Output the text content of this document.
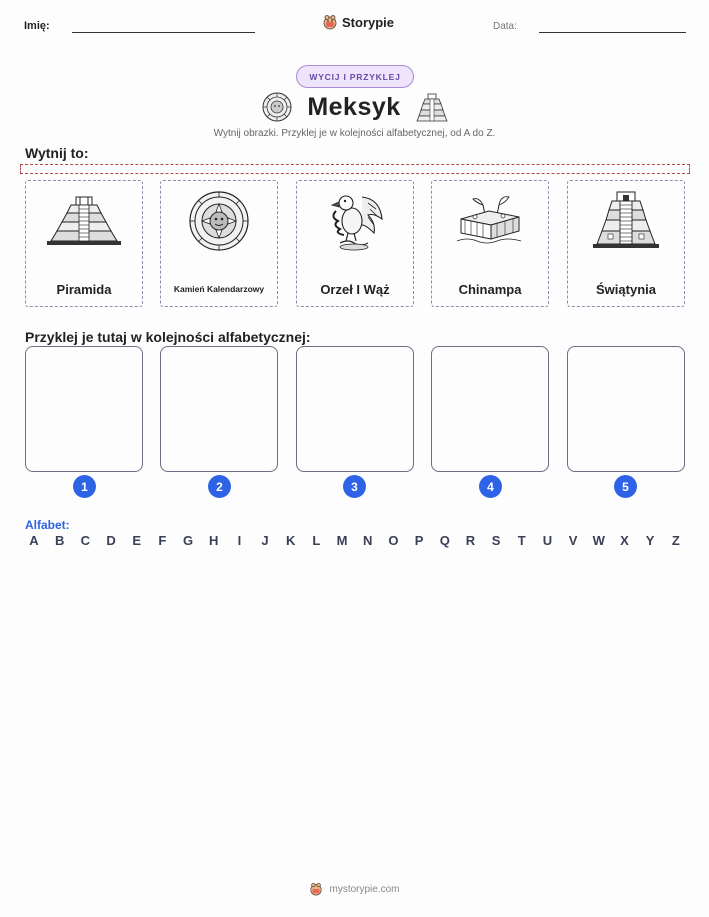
Imię:	Storypie	Data:
WYCIJ I PRZYKLEJ
Meksyk
Wytnij obrazki. Przyklej je w kolejności alfabetycznej, od A do Z.
Wytnij to:
Piramida	Kamień Kalendarzowy	Orzeł I Wąż	Chinampa	Świątynia
Przyklej je tutaj w kolejności alfabetycznej:
1	2	3	4	5
Alfabet:
A	B	C	D	E	F	G	H	I	J	K	L	M	N	O	P	Q	R	S	T	U	V	W	X	Y	Z
mystorypie.com
